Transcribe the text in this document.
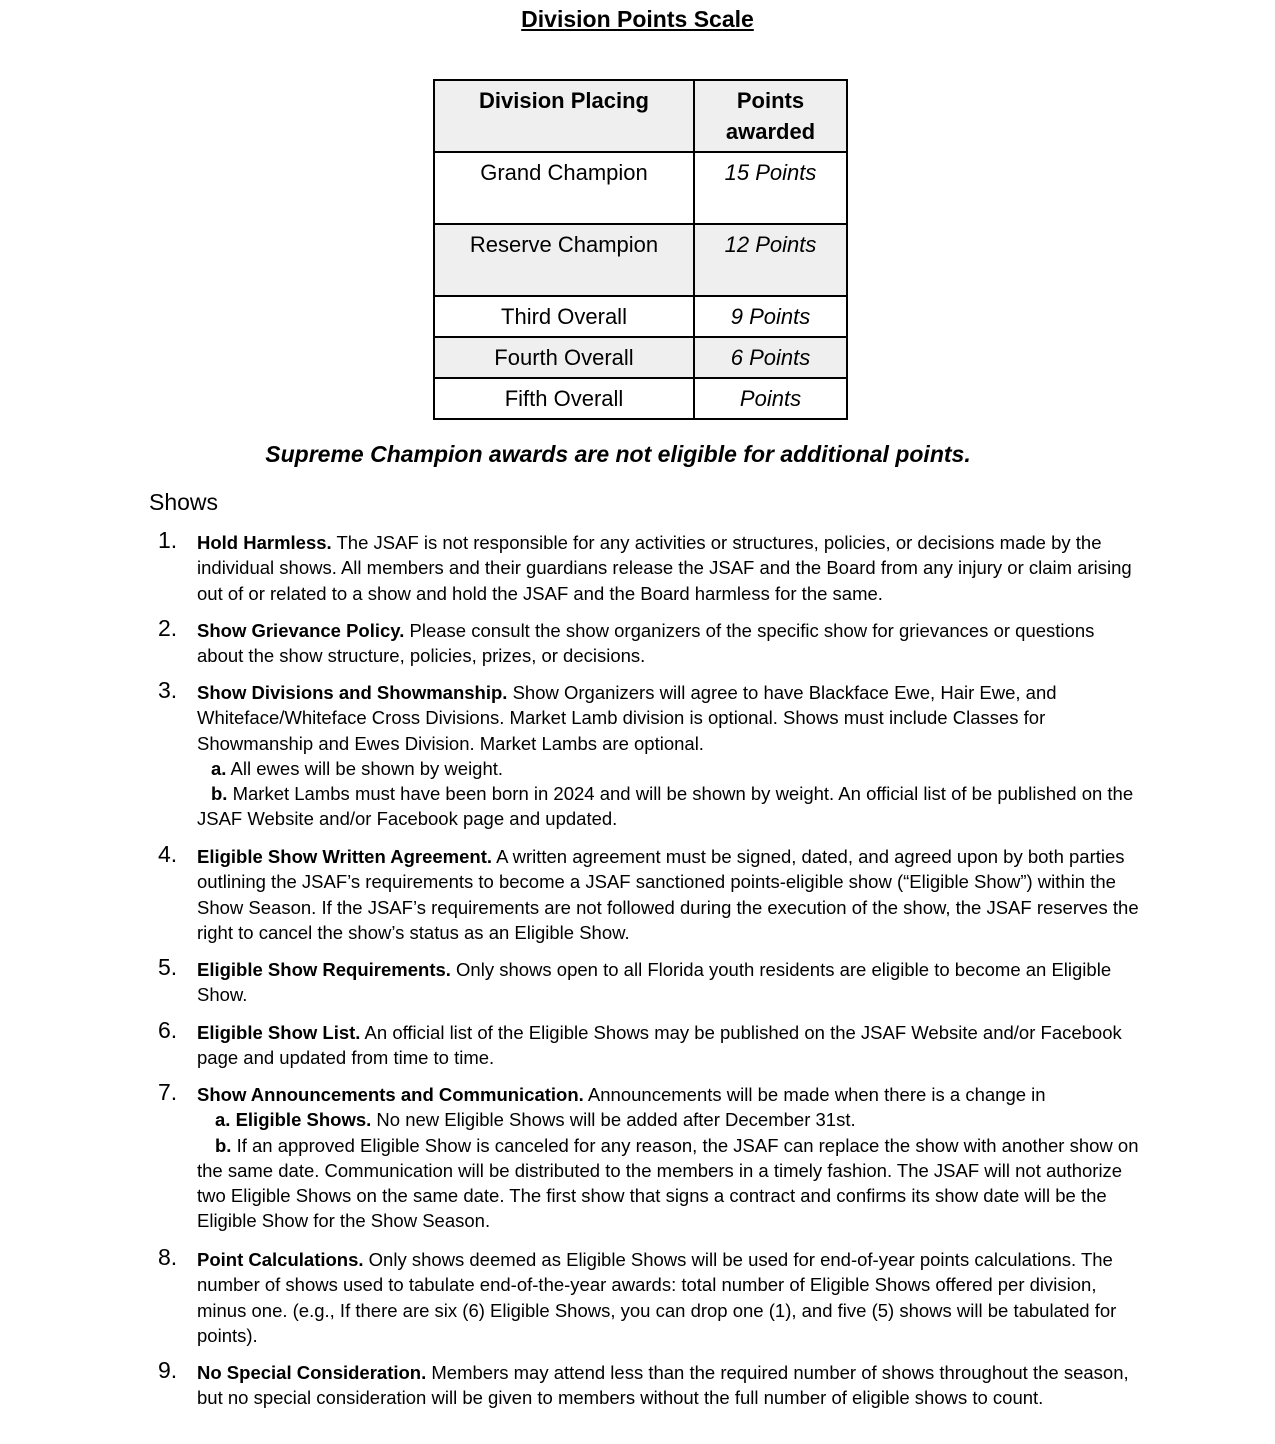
Division Points Scale
Division Placing	Points awarded
Grand Champion	15 Points
Reserve Champion	12 Points
Third Overall	9 Points
Fourth Overall	6 Points
Fifth Overall	Points
Supreme Champion awards are not eligible for additional points.
Shows
1. Hold Harmless. The JSAF is not responsible for any activities or structures, policies, or decisions made by the individual shows. All members and their guardians release the JSAF and the Board from any injury or claim arising out of or related to a show and hold the JSAF and the Board harmless for the same.
2. Show Grievance Policy. Please consult the show organizers of the specific show for grievances or questions about the show structure, policies, prizes, or decisions.
3. Show Divisions and Showmanship. Show Organizers will agree to have Blackface Ewe, Hair Ewe, and Whiteface/Whiteface Cross Divisions. Market Lamb division is optional. Shows must include Classes for Showmanship and Ewes Division. Market Lambs are optional.
a. All ewes will be shown by weight.
b. Market Lambs must have been born in 2024 and will be shown by weight. An official list of be published on the JSAF Website and/or Facebook page and updated.
4. Eligible Show Written Agreement. A written agreement must be signed, dated, and agreed upon by both parties outlining the JSAF’s requirements to become a JSAF sanctioned points-eligible show (“Eligible Show”) within the Show Season. If the JSAF’s requirements are not followed during the execution of the show, the JSAF reserves the right to cancel the show’s status as an Eligible Show.
5. Eligible Show Requirements. Only shows open to all Florida youth residents are eligible to become an Eligible Show.
6. Eligible Show List. An official list of the Eligible Shows may be published on the JSAF Website and/or Facebook page and updated from time to time.
7. Show Announcements and Communication. Announcements will be made when there is a change in
a. Eligible Shows. No new Eligible Shows will be added after December 31st.
b. If an approved Eligible Show is canceled for any reason, the JSAF can replace the show with another show on the same date. Communication will be distributed to the members in a timely fashion. The JSAF will not authorize two Eligible Shows on the same date. The first show that signs a contract and confirms its show date will be the Eligible Show for the Show Season.
8. Point Calculations. Only shows deemed as Eligible Shows will be used for end-of-year points calculations. The number of shows used to tabulate end-of-the-year awards: total number of Eligible Shows offered per division, minus one. (e.g., If there are six (6) Eligible Shows, you can drop one (1), and five (5) shows will be tabulated for points).
9. No Special Consideration. Members may attend less than the required number of shows throughout the season, but no special consideration will be given to members without the full number of eligible shows to count.
